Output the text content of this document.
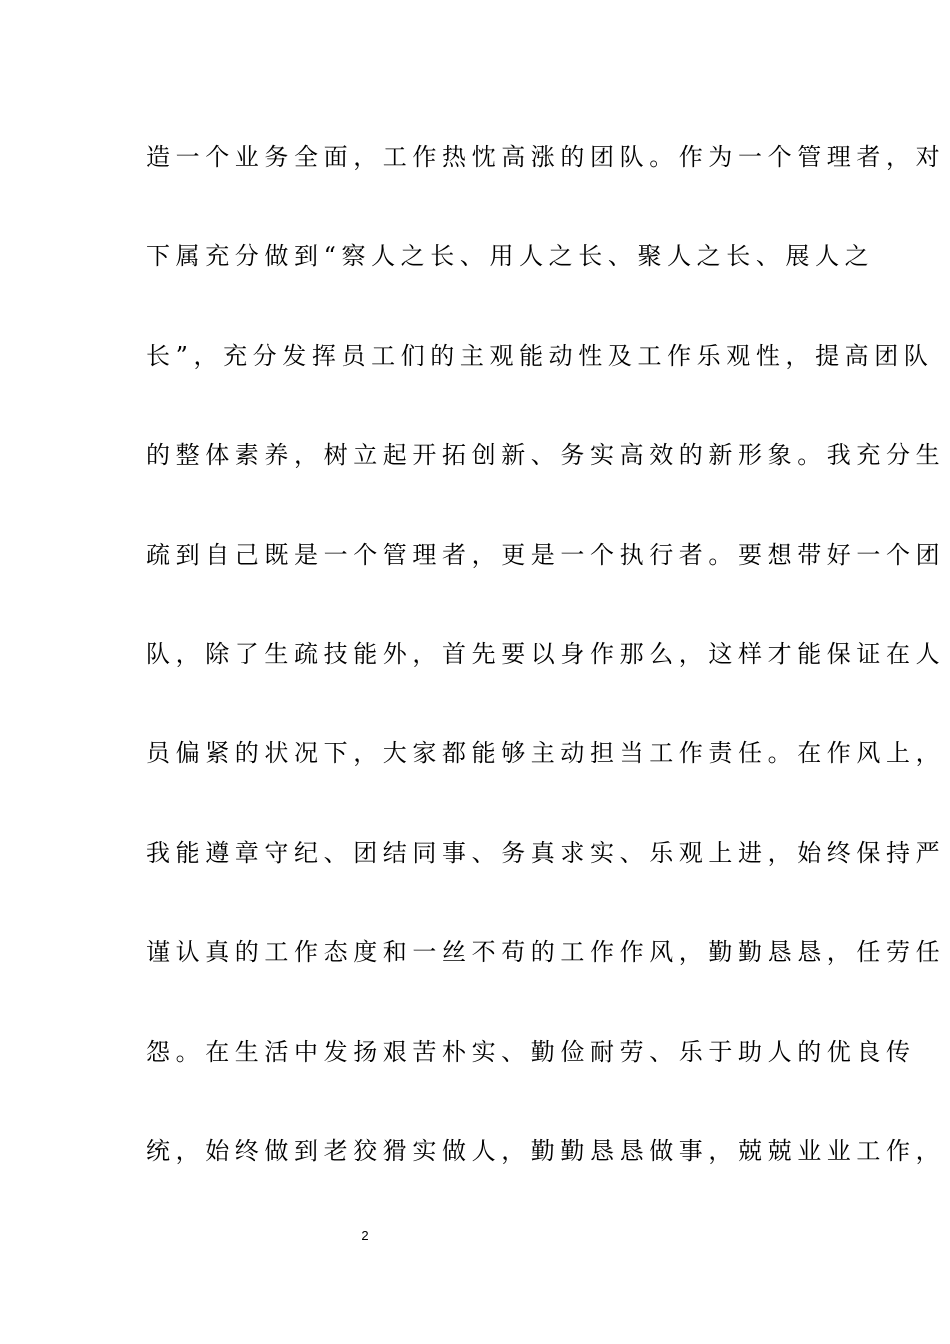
造一个业务全面，工作热忱高涨的团队。作为一个管理者，对
下属充分做到“察人之长、用人之长、聚人之长、展人之
长”，充分发挥员工们的主观能动性及工作乐观性，提高团队
的整体素养，树立起开拓创新、务实高效的新形象。我充分生
疏到自己既是一个管理者，更是一个执行者。要想带好一个团
队，除了生疏技能外，首先要以身作那么，这样才能保证在人
员偏紧的状况下，大家都能够主动担当工作责任。在作风上，
我能遵章守纪、团结同事、务真求实、乐观上进，始终保持严
谨认真的工作态度和一丝不苟的工作作风，勤勤恳恳，任劳任
怨。在生活中发扬艰苦朴实、勤俭耐劳、乐于助人的优良传
统，始终做到老狡猾实做人，勤勤恳恳做事，兢兢业业工作，
2
